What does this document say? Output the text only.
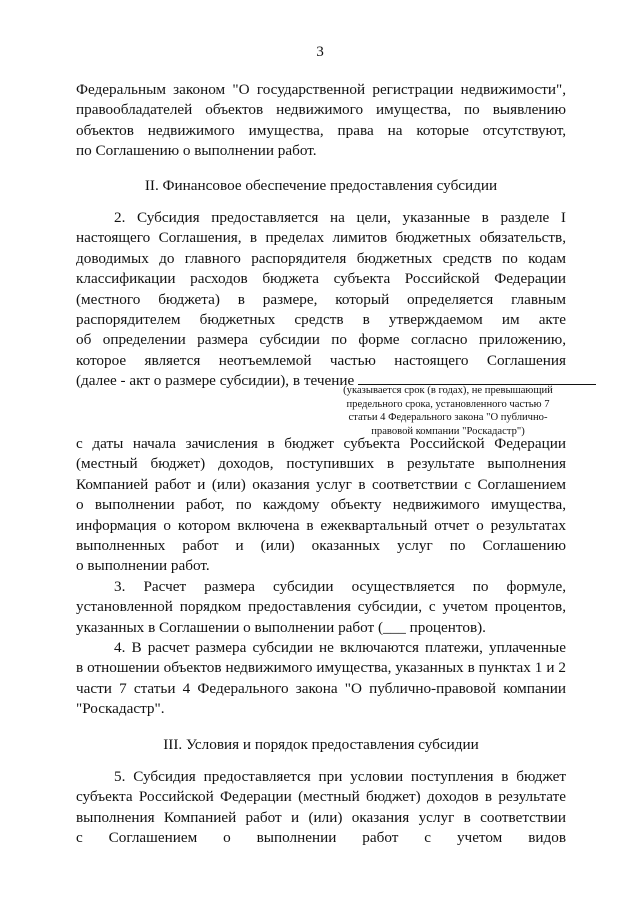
3
Федеральным законом "О государственной регистрации недвижимости",
правообладателей объектов недвижимого имущества, по выявлению
объектов недвижимого имущества, права на которые отсутствуют,
по Соглашению о выполнении работ.
II. Финансовое обеспечение предоставления субсидии
2. Субсидия предоставляется на цели, указанные в разделе I
настоящего Соглашения, в пределах лимитов бюджетных обязательств,
доводимых до главного распорядителя бюджетных средств по кодам
классификации расходов бюджета субъекта Российской Федерации
(местного бюджета) в размере, который определяется главным
распорядителем бюджетных средств в утверждаемом им акте
об определении размера субсидии по форме согласно приложению,
которое является неотъемлемой частью настоящего Соглашения
(далее - акт о размере субсидии), в течение
(указывается срок (в годах), не превышающий
предельного срока, установленного частью 7
статьи 4 Федерального закона "О публично-
правовой компании "Роскадастр")
с даты начала зачисления в бюджет субъекта Российской Федерации
(местный бюджет) доходов, поступивших в результате выполнения
Компанией работ и (или) оказания услуг в соответствии с Соглашением
о выполнении работ, по каждому объекту недвижимого имущества,
информация о котором включена в ежеквартальный отчет о результатах
выполненных работ и (или) оказанных услуг по Соглашению
о выполнении работ.
3. Расчет размера субсидии осуществляется по формуле,
установленной порядком предоставления субсидии, с учетом процентов,
указанных в Соглашении о выполнении работ (___ процентов).
4. В расчет размера субсидии не включаются платежи, уплаченные
в отношении объектов недвижимого имущества, указанных в пунктах 1 и 2
части 7 статьи 4 Федерального закона "О публично-правовой компании
"Роскадастр".
III. Условия и порядок предоставления субсидии
5. Субсидия предоставляется при условии поступления в бюджет
субъекта Российской Федерации (местный бюджет) доходов в результате
выполнения Компанией работ и (или) оказания услуг в соответствии
с Соглашением о выполнении работ с учетом видов
